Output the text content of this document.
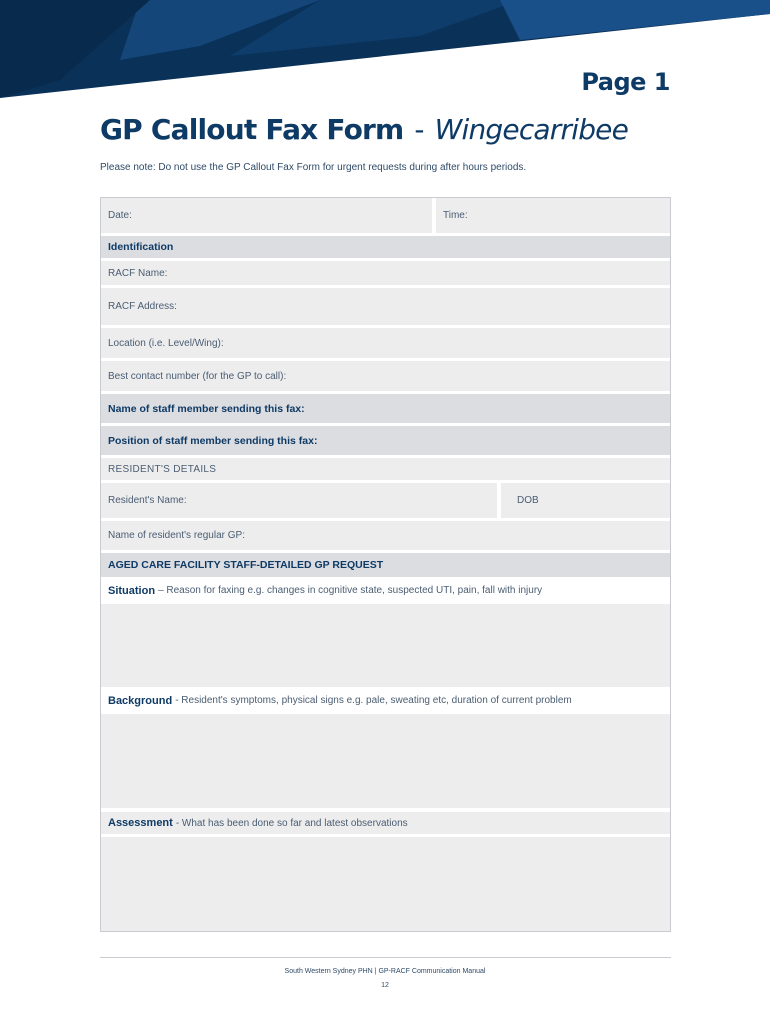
Page 1
GP Callout Fax Form - Wingecarribee
Please note: Do not use the GP Callout Fax Form for urgent requests during after hours periods.
Date:	Time:
Identification
RACF Name:
RACF Address:
Location (i.e. Level/Wing):
Best contact number (for the GP to call):
Name of staff member sending this fax:
Position of staff member sending this fax:
RESIDENT'S DETAILS
Resident's Name:	DOB
Name of resident's regular GP:
AGED CARE FACILITY STAFF-DETAILED GP REQUEST
Situation – Reason for faxing e.g. changes in cognitive state, suspected UTI, pain, fall with injury
Background - Resident's symptoms, physical signs e.g. pale, sweating etc, duration of current problem
Assessment - What has been done so far and latest observations
South Western Sydney PHN | GP-RACF Communication Manual
12
